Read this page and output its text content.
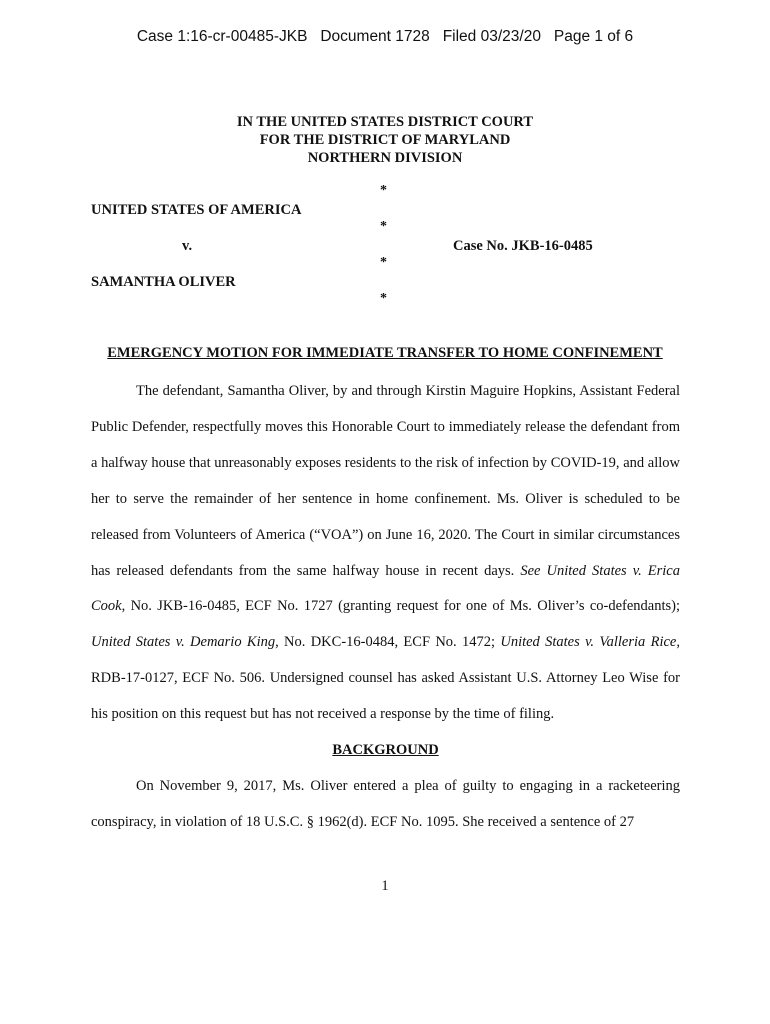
Case 1:16-cr-00485-JKB Document 1728 Filed 03/23/20 Page 1 of 6
IN THE UNITED STATES DISTRICT COURT
FOR THE DISTRICT OF MARYLAND
NORTHERN DIVISION
*
*
*
*
UNITED STATES OF AMERICA
v.	Case No. JKB-16-0485
SAMANTHA OLIVER
EMERGENCY MOTION FOR IMMEDIATE TRANSFER TO HOME CONFINEMENT

The defendant, Samantha Oliver, by and through Kirstin Maguire Hopkins, Assistant Federal Public Defender, respectfully moves this Honorable Court to immediately release the defendant from a halfway house that unreasonably exposes residents to the risk of infection by COVID-19, and allow her to serve the remainder of her sentence in home confinement. Ms. Oliver is scheduled to be released from Volunteers of America (“VOA”) on June 16, 2020. The Court in similar circumstances has released defendants from the same halfway house in recent days. See United States v. Erica Cook, No. JKB-16-0485, ECF No. 1727 (granting request for one of Ms. Oliver’s co-defendants); United States v. Demario King, No. DKC-16-0484, ECF No. 1472; United States v. Valleria Rice, RDB-17-0127, ECF No. 506. Undersigned counsel has asked Assistant U.S. Attorney Leo Wise for his position on this request but has not received a response by the time of filing.

BACKGROUND

On November 9, 2017, Ms. Oliver entered a plea of guilty to engaging in a racketeering conspiracy, in violation of 18 U.S.C. § 1962(d). ECF No. 1095. She received a sentence of 27

1
